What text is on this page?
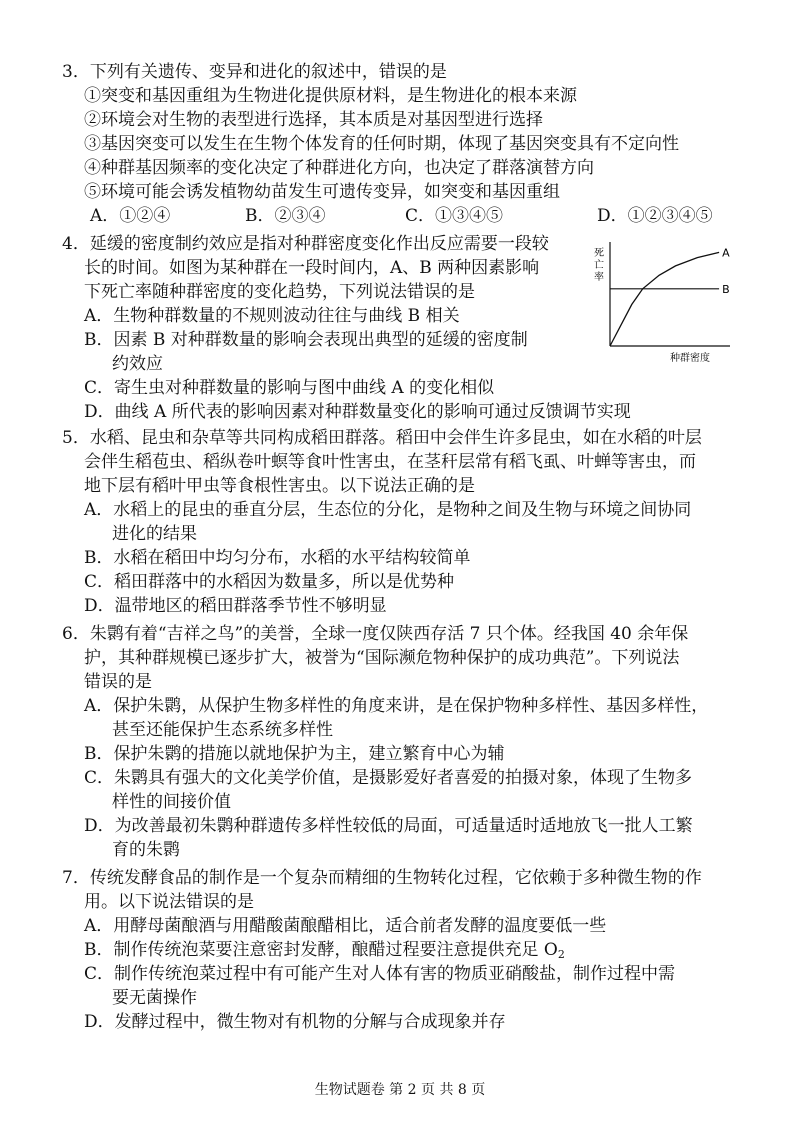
3．下列有关遗传、变异和进化的叙述中，错误的是
①突变和基因重组为生物进化提供原材料，是生物进化的根本来源
②环境会对生物的表型进行选择，其本质是对基因型进行选择
③基因突变可以发生在生物个体发育的任何时期，体现了基因突变具有不定向性
④种群基因频率的变化决定了种群进化方向，也决定了群落演替方向
⑤环境可能会诱发植物幼苗发生可遗传变异，如突变和基因重组
A．①②④	B．②③④	C．①③④⑤	D．①②③④⑤
4．延缓的密度制约效应是指对种群密度变化作出反应需要一段较
长的时间。如图为某种群在一段时间内，A、B 两种因素影响
下死亡率随种群密度的变化趋势，下列说法错误的是
A．生物种群数量的不规则波动往往与曲线 B 相关
B．因素 B 对种群数量的影响会表现出典型的延缓的密度制
约效应
C．寄生虫对种群数量的影响与图中曲线 A 的变化相似
D．曲线 A 所代表的影响因素对种群数量变化的影响可通过反馈调节实现
死亡率
A
B
种群密度
5．水稻、昆虫和杂草等共同构成稻田群落。稻田中会伴生许多昆虫，如在水稻的叶层
会伴生稻苞虫、稻纵卷叶螟等食叶性害虫，在茎秆层常有稻飞虱、叶蝉等害虫，而
地下层有稻叶甲虫等食根性害虫。以下说法正确的是
A．水稻上的昆虫的垂直分层，生态位的分化，是物种之间及生物与环境之间协同
进化的结果
B．水稻在稻田中均匀分布，水稻的水平结构较简单
C．稻田群落中的水稻因为数量多，所以是优势种
D．温带地区的稻田群落季节性不够明显
6．朱鹮有着“吉祥之鸟”的美誉，全球一度仅陕西存活 7 只个体。经我国 40 余年保
护，其种群规模已逐步扩大，被誉为“国际濒危物种保护的成功典范”。下列说法
错误的是
A．保护朱鹮，从保护生物多样性的角度来讲，是在保护物种多样性、基因多样性，
甚至还能保护生态系统多样性
B．保护朱鹮的措施以就地保护为主，建立繁育中心为辅
C．朱鹮具有强大的文化美学价值，是摄影爱好者喜爱的拍摄对象，体现了生物多
样性的间接价值
D．为改善最初朱鹮种群遗传多样性较低的局面，可适量适时适地放飞一批人工繁
育的朱鹮
7．传统发酵食品的制作是一个复杂而精细的生物转化过程，它依赖于多种微生物的作
用。以下说法错误的是
A．用酵母菌酿酒与用醋酸菌酿醋相比，适合前者发酵的温度要低一些
B．制作传统泡菜要注意密封发酵，酿醋过程要注意提供充足 $O_2$
C．制作传统泡菜过程中有可能产生对人体有害的物质亚硝酸盐，制作过程中需
要无菌操作
D．发酵过程中，微生物对有机物的分解与合成现象并存
生物试题卷 第 2 页 共 8 页
